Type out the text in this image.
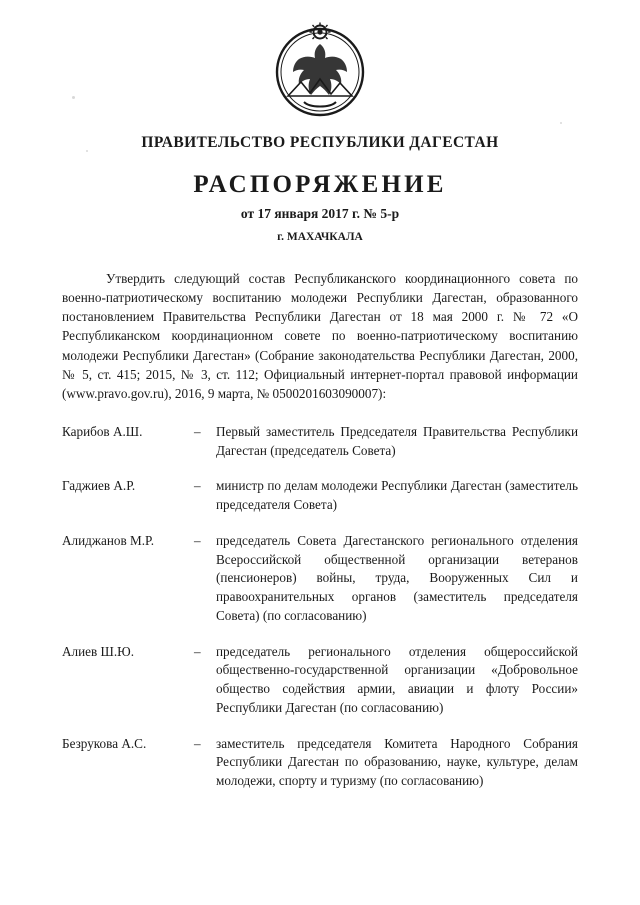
ПРАВИТЕЛЬСТВО РЕСПУБЛИКИ ДАГЕСТАН
РАСПОРЯЖЕНИЕ
от 17 января 2017 г. № 5-р
г. МАХАЧКАЛА
Утвердить следующий состав Республиканского координационного совета по военно-патриотическому воспитанию молодежи Республики Дагестан, образованного постановлением Правительства Республики Дагестан от 18 мая 2000 г. № 72 «О Республиканском координационном совете по военно-патриотическому воспитанию молодежи Республики Дагестан» (Собрание законодательства Республики Дагестан, 2000, № 5, ст. 415; 2015, № 3, ст. 112; Официальный интернет-портал правовой информации (www.pravo.gov.ru), 2016, 9 марта, № 0500201603090007):
Карибов А.Ш.	–	Первый заместитель Председателя Правительства Республики Дагестан (председатель Совета)
Гаджиев А.Р.	–	министр по делам молодежи Республики Дагестан (заместитель председателя Совета)
Алиджанов М.Р.	–	председатель Совета Дагестанского регионального отделения Всероссийской общественной организации ветеранов (пенсионеров) войны, труда, Вооруженных Сил и правоохранительных органов (заместитель председателя Совета) (по согласованию)
Алиев Ш.Ю.	–	председатель регионального отделения общероссийской общественно-государственной организации «Добровольное общество содействия армии, авиации и флоту России» Республики Дагестан (по согласованию)
Безрукова А.С.	–	заместитель председателя Комитета Народного Собрания Республики Дагестан по образованию, науке, культуре, делам молодежи, спорту и туризму (по согласованию)
